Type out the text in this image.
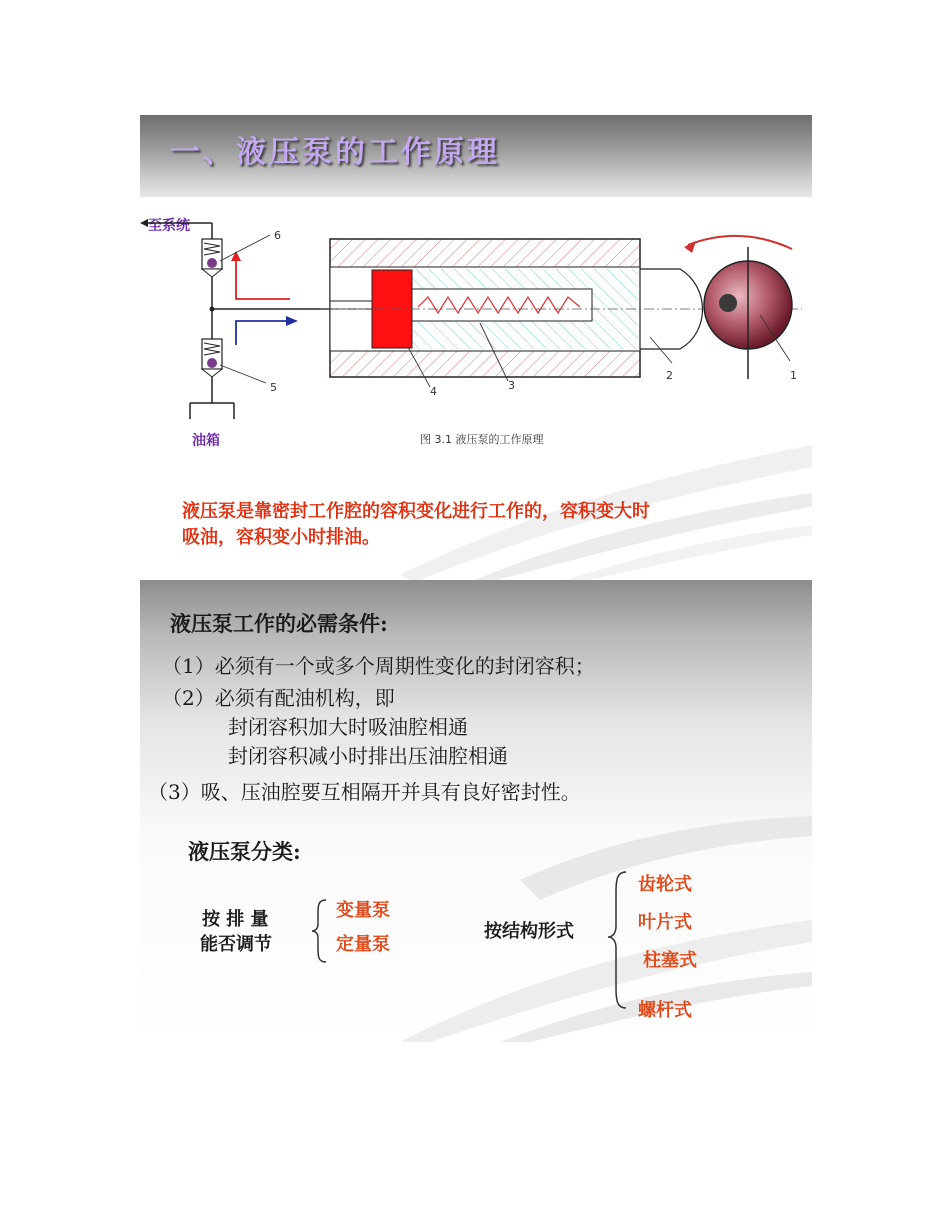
一、液压泵的工作原理
至系统
油箱
6
5	4	3
2	1
图 3.1 液压泵的工作原理
液压泵是靠密封工作腔的容积变化进行工作的，容积变大时
吸油，容积变小时排油。
液压泵工作的必需条件:
（1）必须有一个或多个周期性变化的封闭容积；
（2）必须有配油机构，即
封闭容积加大时吸油腔相通
封闭容积减小时排出压油腔相通
（3）吸、压油腔要互相隔开并具有良好密封性。
液压泵分类:
按 排 量
能否调节
变量泵
定量泵
按结构形式
齿轮式
叶片式
柱塞式
螺杆式
